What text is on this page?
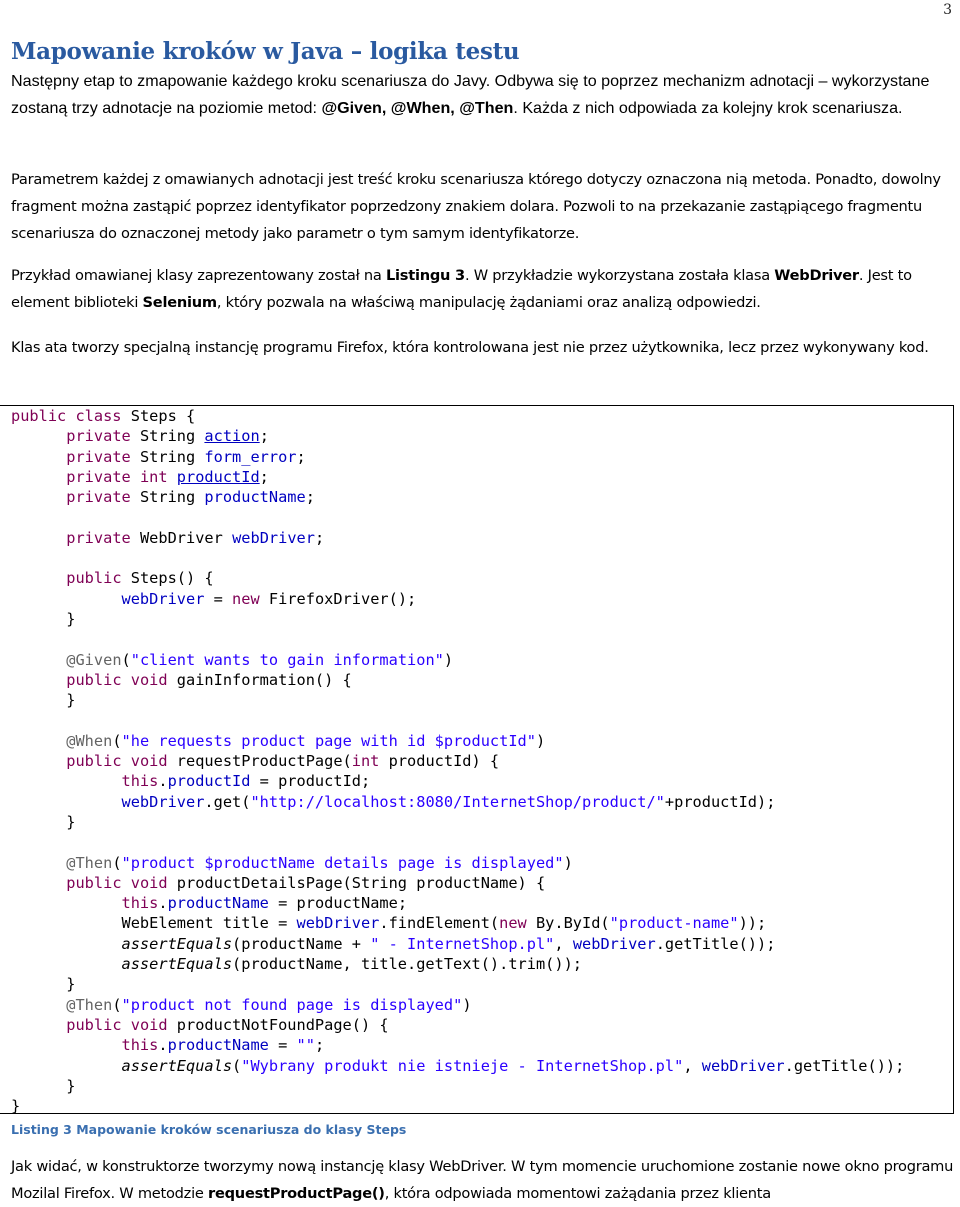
3
Mapowanie kroków w Java – logika testu

Następny etap to zmapowanie każdego kroku scenariusza do Javy. Odbywa się to poprzez mechanizm adnotacji – wykorzystane zostaną trzy adnotacje na poziomie metod: @Given, @When, @Then. Każda z nich odpowiada za kolejny krok scenariusza.

Parametrem każdej z omawianych adnotacji jest treść kroku scenariusza którego dotyczy oznaczona nią metoda. Ponadto, dowolny fragment można zastąpić poprzez identyfikator poprzedzony znakiem dolara. Pozwoli to na przekazanie zastąpiącego fragmentu scenariusza do oznaczonej metody jako parametr o tym samym identyfikatorze.

Przykład omawianej klasy zaprezentowany został na Listingu 3. W przykładzie wykorzystana została klasa WebDriver. Jest to element biblioteki Selenium, który pozwala na właściwą manipulację żądaniami oraz analizą odpowiedzi.

Klas ata tworzy specjalną instancję programu Firefox, która kontrolowana jest nie przez użytkownika, lecz przez wykonywany kod.

public class Steps {
private String action;
private String form_error;
private int productId;
private String productName;

private WebDriver webDriver;

public Steps() {
webDriver = new FirefoxDriver();
}

@Given("client wants to gain information")
public void gainInformation() {
}

@When("he requests product page with id $productId")
public void requestProductPage(int productId) {
this.productId = productId;
webDriver.get("http://localhost:8080/InternetShop/product/"+productId);
}

@Then("product $productName details page is displayed")
public void productDetailsPage(String productName) {
this.productName = productName;
WebElement title = webDriver.findElement(new By.ById("product-name"));
assertEquals(productName + " - InternetShop.pl", webDriver.getTitle());
assertEquals(productName, title.getText().trim());
}
@Then("product not found page is displayed")
public void productNotFoundPage() {
this.productName = "";
assertEquals("Wybrany produkt nie istnieje - InternetShop.pl", webDriver.getTitle());
}
}
Listing 3 Mapowanie kroków scenariusza do klasy Steps

Jak widać, w konstruktorze tworzymy nową instancję klasy WebDriver. W tym momencie uruchomione zostanie nowe okno programu Mozilal Firefox. W metodzie requestProductPage(), która odpowiada momentowi zażądania przez klienta
